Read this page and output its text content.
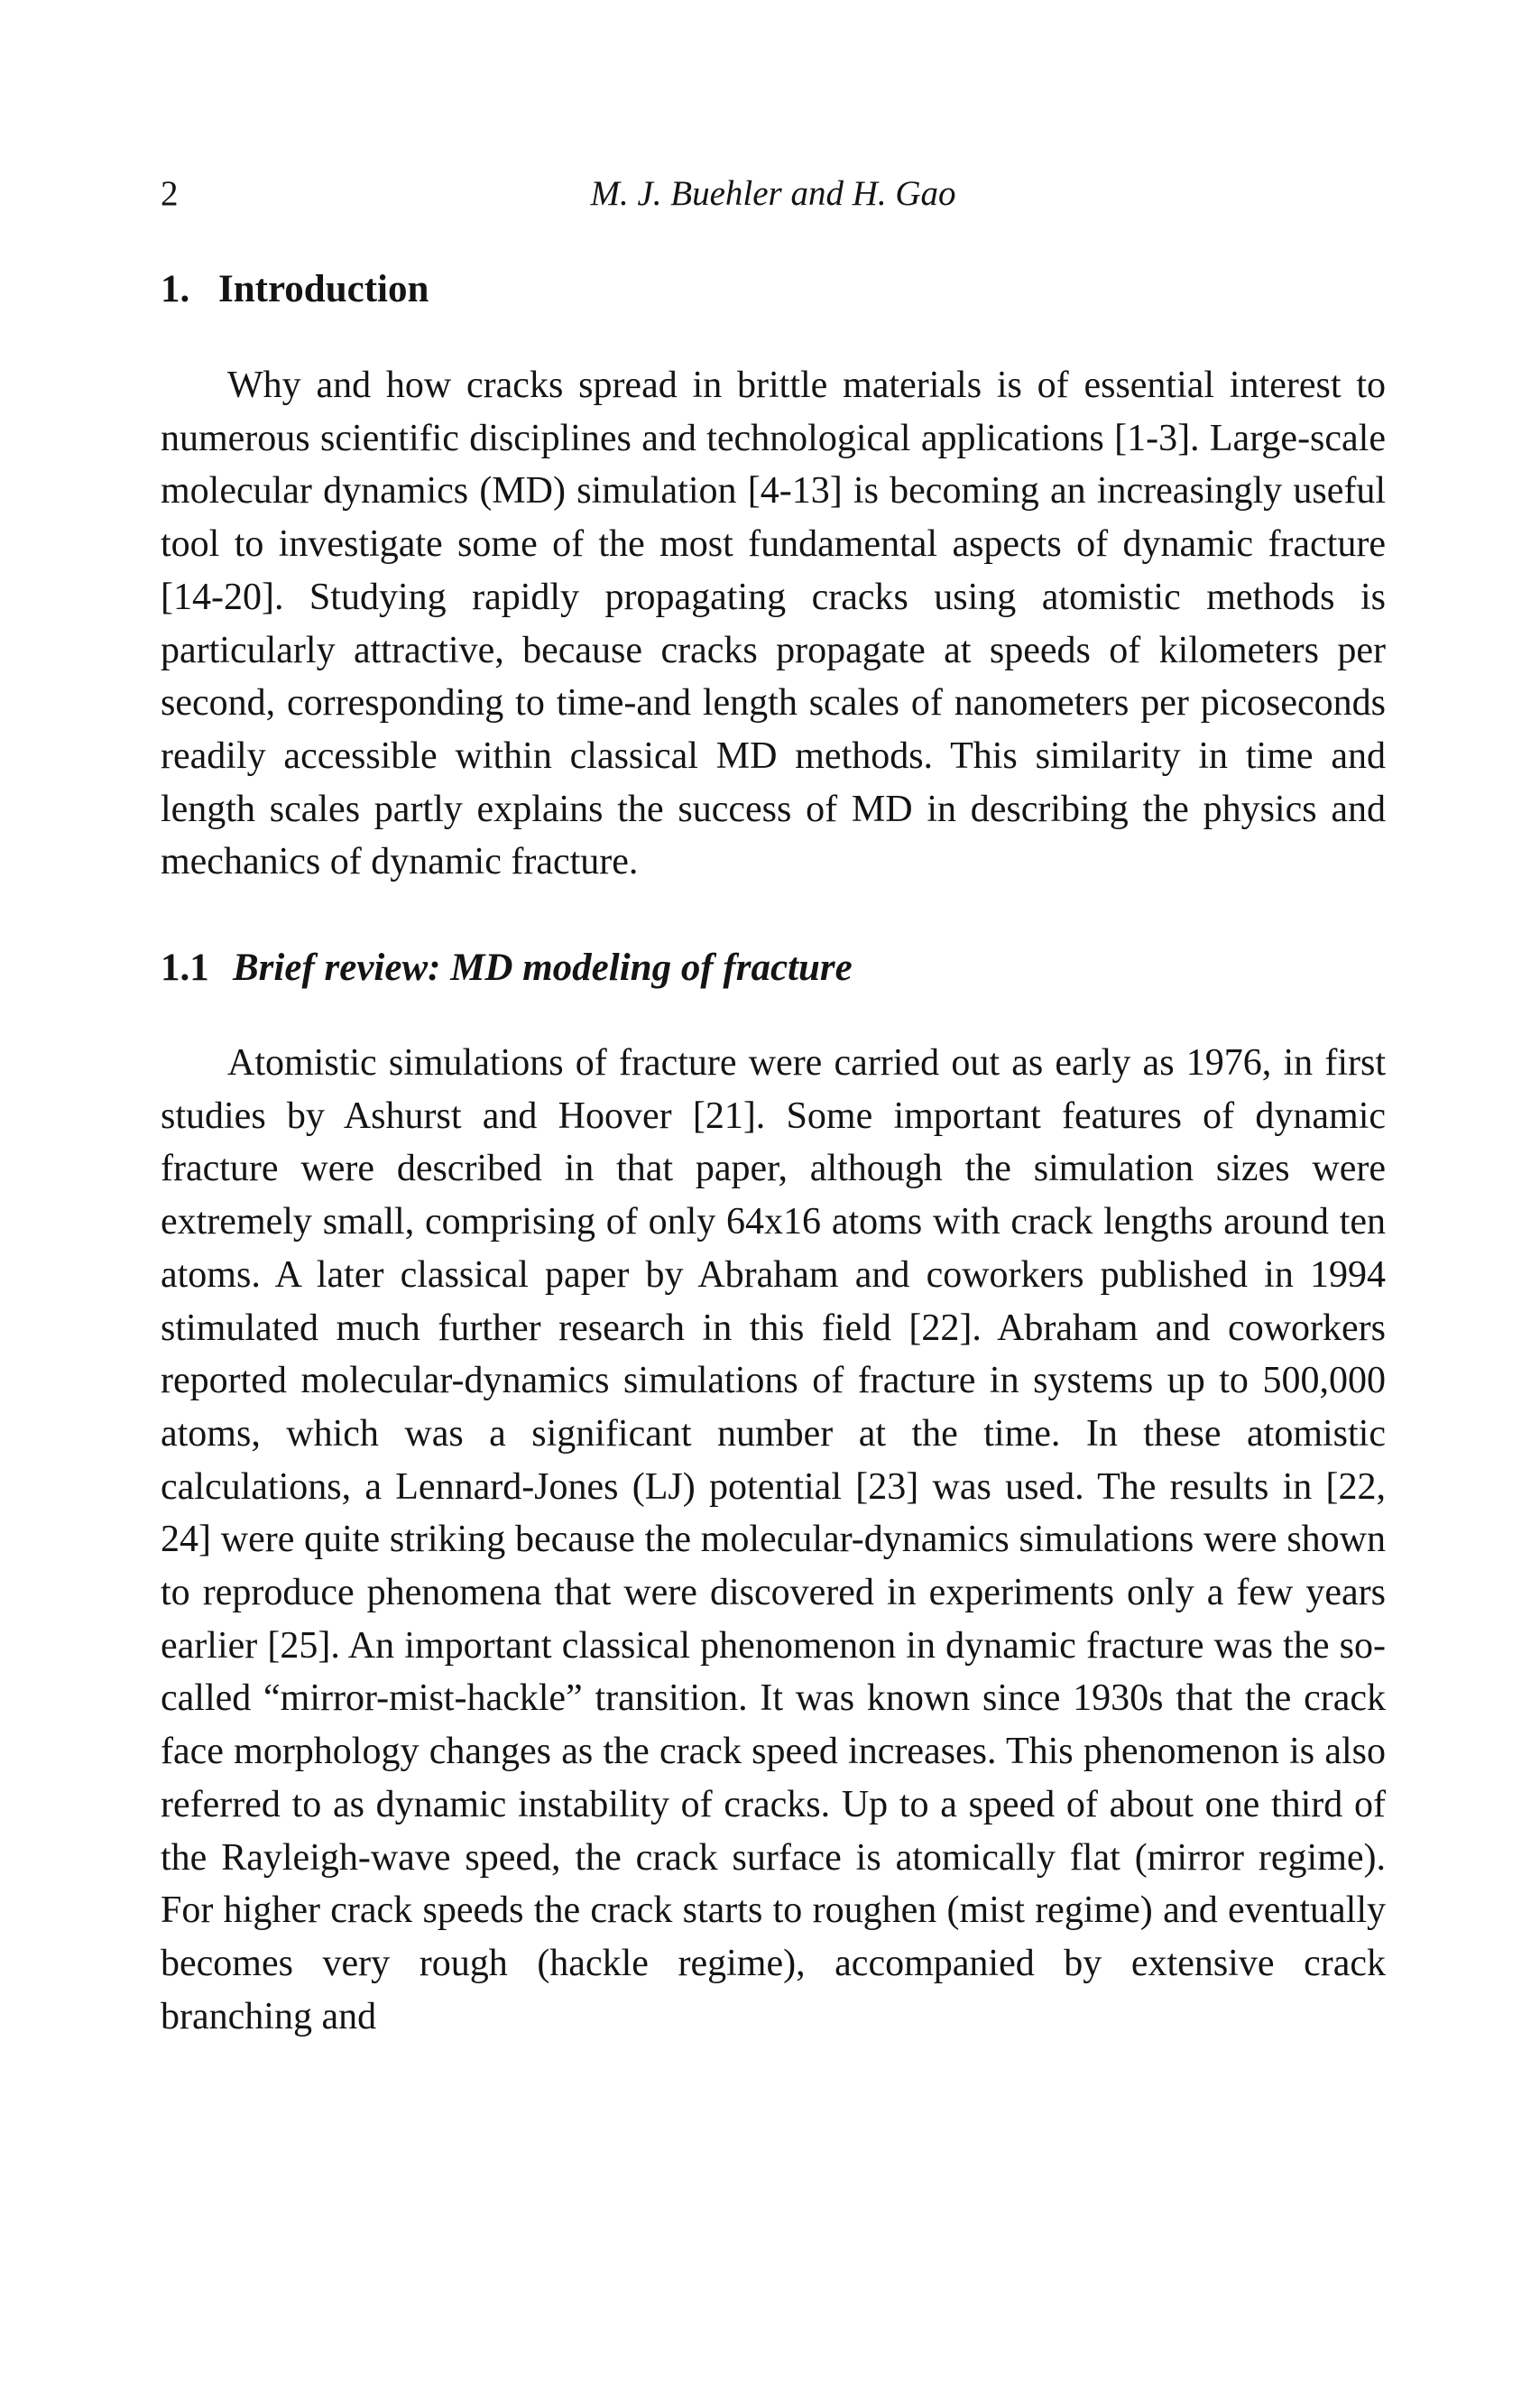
2	M. J. Buehler and H. Gao
1. Introduction

Why and how cracks spread in brittle materials is of essential interest to numerous scientific disciplines and technological applications [1-3]. Large-scale molecular dynamics (MD) simulation [4-13] is becoming an increasingly useful tool to investigate some of the most fundamental aspects of dynamic fracture [14-20]. Studying rapidly propagating cracks using atomistic methods is particularly attractive, because cracks propagate at speeds of kilometers per second, corresponding to time-and length scales of nanometers per picoseconds readily accessible within classical MD methods. This similarity in time and length scales partly explains the success of MD in describing the physics and mechanics of dynamic fracture.

1.1 Brief review: MD modeling of fracture

Atomistic simulations of fracture were carried out as early as 1976, in first studies by Ashurst and Hoover [21]. Some important features of dynamic fracture were described in that paper, although the simulation sizes were extremely small, comprising of only 64x16 atoms with crack lengths around ten atoms. A later classical paper by Abraham and coworkers published in 1994 stimulated much further research in this field [22]. Abraham and coworkers reported molecular-dynamics simulations of fracture in systems up to 500,000 atoms, which was a significant number at the time. In these atomistic calculations, a Lennard-Jones (LJ) potential [23] was used. The results in [22, 24] were quite striking because the molecular-dynamics simulations were shown to reproduce phenomena that were discovered in experiments only a few years earlier [25]. An important classical phenomenon in dynamic fracture was the so-called “mirror-mist-hackle” transition. It was known since 1930s that the crack face morphology changes as the crack speed increases. This phenomenon is also referred to as dynamic instability of cracks. Up to a speed of about one third of the Rayleigh-wave speed, the crack surface is atomically flat (mirror regime). For higher crack speeds the crack starts to roughen (mist regime) and eventually becomes very rough (hackle regime), accompanied by extensive crack branching and
